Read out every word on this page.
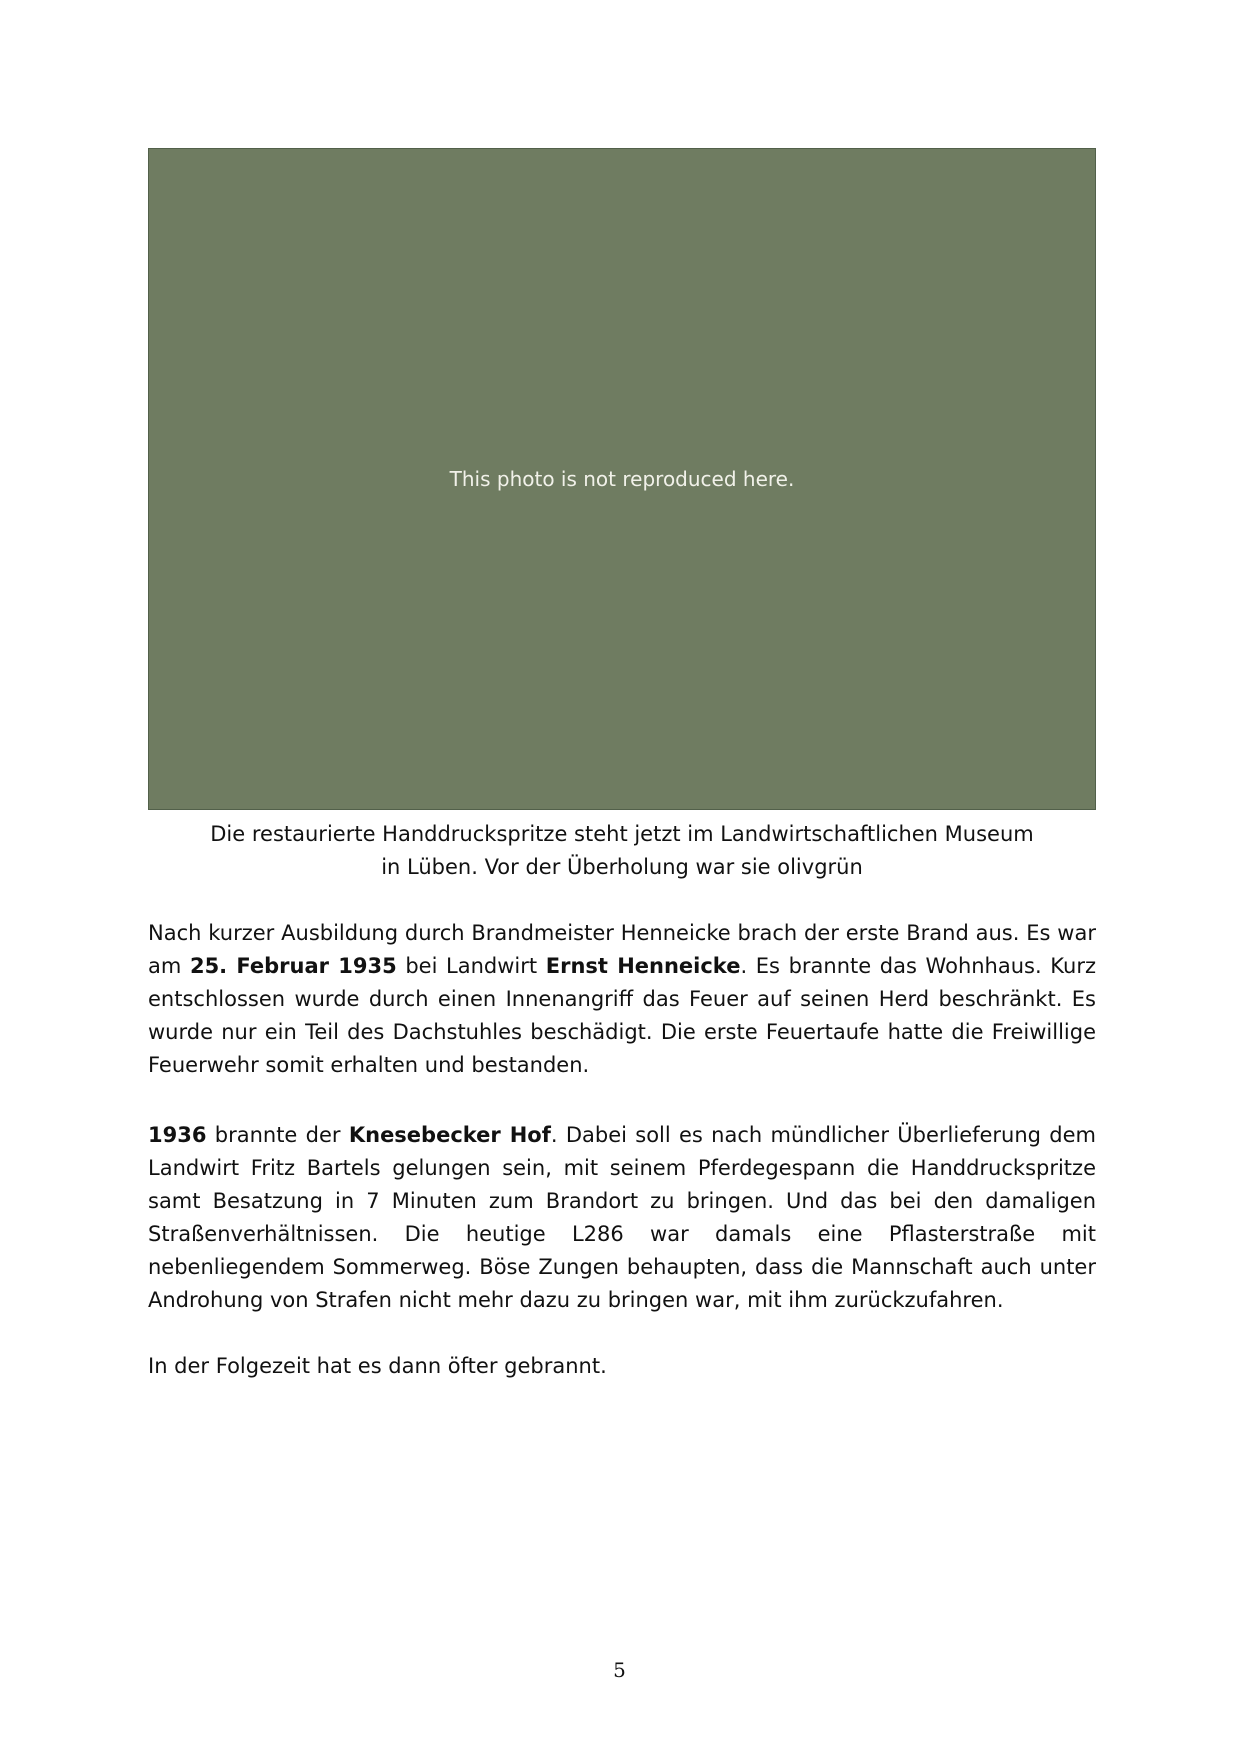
This photo is not reproduced here.
Die restaurierte Handdruckspritze steht jetzt im Landwirtschaftlichen Museum
in Lüben. Vor der Überholung war sie olivgrün

Nach kurzer Ausbildung durch Brandmeister Henneicke brach der erste Brand aus. Es war am 25. Februar 1935 bei Landwirt Ernst Henneicke. Es brannte das Wohnhaus. Kurz entschlossen wurde durch einen Innenangriff das Feuer auf seinen Herd beschränkt. Es wurde nur ein Teil des Dachstuhles beschädigt. Die erste Feuertaufe hatte die Freiwillige Feuerwehr somit erhalten und bestanden.

1936 brannte der Knesebecker Hof. Dabei soll es nach mündlicher Überlieferung dem Landwirt Fritz Bartels gelungen sein, mit seinem Pferdegespann die Handdruckspritze samt Besatzung in 7 Minuten zum Brandort zu bringen. Und das bei den damaligen Straßenverhältnissen. Die heutige L286 war damals eine Pflasterstraße mit nebenliegendem Sommerweg. Böse Zungen behaupten, dass die Mannschaft auch unter Androhung von Strafen nicht mehr dazu zu bringen war, mit ihm zurückzufahren.

In der Folgezeit hat es dann öfter gebrannt.

5
